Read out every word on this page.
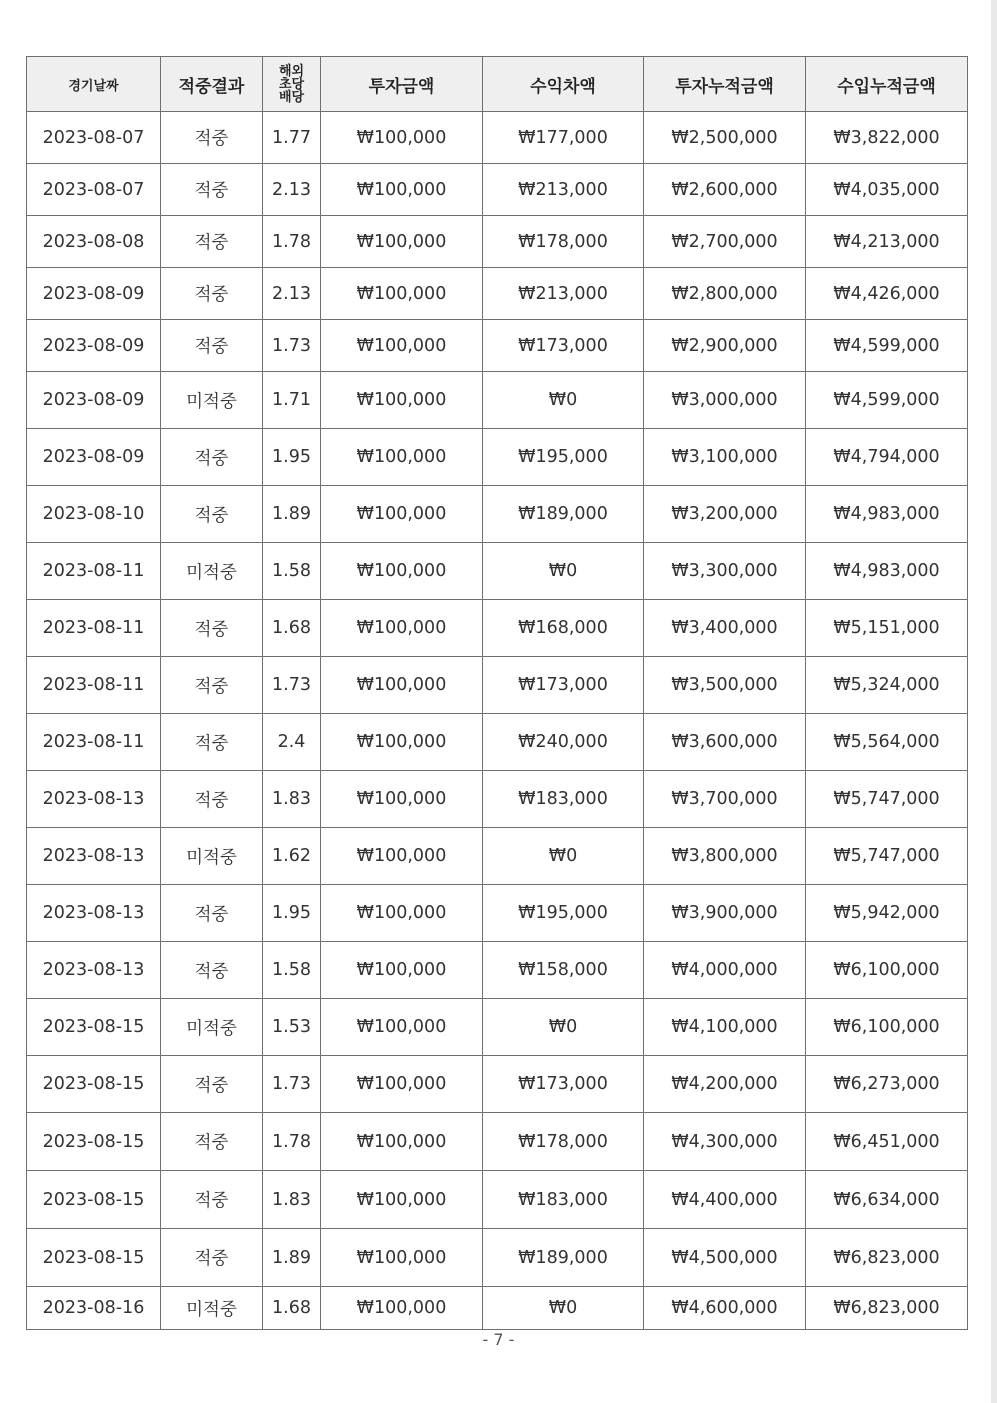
경기날짜	적중결과	해외
초당
배당	투자금액	수익차액	투자누적금액	수입누적금액
2023-08-07	적중	1.77	₩100,000	₩177,000	₩2,500,000	₩3,822,000
2023-08-07	적중	2.13	₩100,000	₩213,000	₩2,600,000	₩4,035,000
2023-08-08	적중	1.78	₩100,000	₩178,000	₩2,700,000	₩4,213,000
2023-08-09	적중	2.13	₩100,000	₩213,000	₩2,800,000	₩4,426,000
2023-08-09	적중	1.73	₩100,000	₩173,000	₩2,900,000	₩4,599,000
2023-08-09	미적중	1.71	₩100,000	₩0	₩3,000,000	₩4,599,000
2023-08-09	적중	1.95	₩100,000	₩195,000	₩3,100,000	₩4,794,000
2023-08-10	적중	1.89	₩100,000	₩189,000	₩3,200,000	₩4,983,000
2023-08-11	미적중	1.58	₩100,000	₩0	₩3,300,000	₩4,983,000
2023-08-11	적중	1.68	₩100,000	₩168,000	₩3,400,000	₩5,151,000
2023-08-11	적중	1.73	₩100,000	₩173,000	₩3,500,000	₩5,324,000
2023-08-11	적중	2.4	₩100,000	₩240,000	₩3,600,000	₩5,564,000
2023-08-13	적중	1.83	₩100,000	₩183,000	₩3,700,000	₩5,747,000
2023-08-13	미적중	1.62	₩100,000	₩0	₩3,800,000	₩5,747,000
2023-08-13	적중	1.95	₩100,000	₩195,000	₩3,900,000	₩5,942,000
2023-08-13	적중	1.58	₩100,000	₩158,000	₩4,000,000	₩6,100,000
2023-08-15	미적중	1.53	₩100,000	₩0	₩4,100,000	₩6,100,000
2023-08-15	적중	1.73	₩100,000	₩173,000	₩4,200,000	₩6,273,000
2023-08-15	적중	1.78	₩100,000	₩178,000	₩4,300,000	₩6,451,000
2023-08-15	적중	1.83	₩100,000	₩183,000	₩4,400,000	₩6,634,000
2023-08-15	적중	1.89	₩100,000	₩189,000	₩4,500,000	₩6,823,000
2023-08-16	미적중	1.68	₩100,000	₩0	₩4,600,000	₩6,823,000
- 7 -
